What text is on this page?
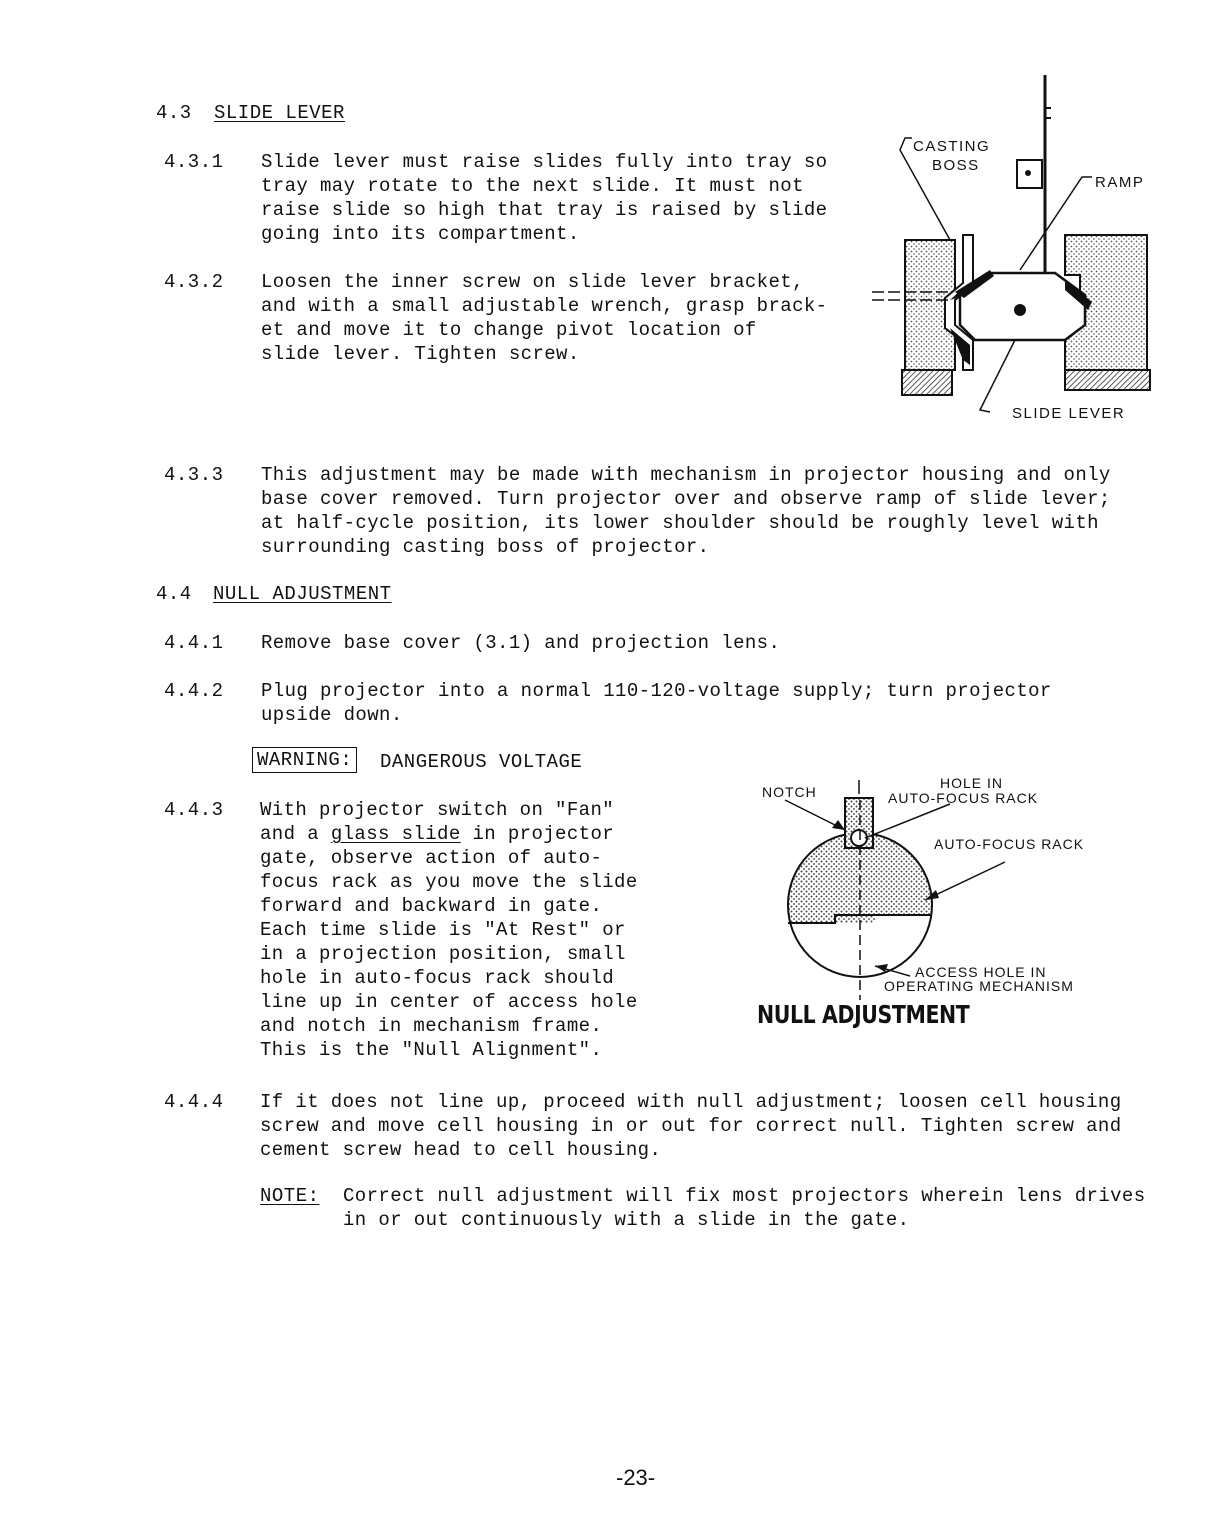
4.3 SLIDE LEVER
4.3.1 Slide lever must raise slides fully into tray so
tray may rotate to the next slide. It must not
raise slide so high that tray is raised by slide
going into its compartment.
4.3.2 Loosen the inner screw on slide lever bracket,
and with a small adjustable wrench, grasp brack-
et and move it to change pivot location of
slide lever. Tighten screw.
CASTING
BOSS
RAMP
SLIDE LEVER
4.3.3 This adjustment may be made with mechanism in projector housing and only
base cover removed. Turn projector over and observe ramp of slide lever;
at half-cycle position, its lower shoulder should be roughly level with
surrounding casting boss of projector.
4.4 NULL ADJUSTMENT
4.4.1 Remove base cover (3.1) and projection lens.
4.4.2 Plug projector into a normal 110-120-voltage supply; turn projector
upside down.
WARNING: DANGEROUS VOLTAGE
4.4.3 With projector switch on "Fan"
and a glass slide in projector
gate, observe action of auto-
focus rack as you move the slide
forward and backward in gate.
Each time slide is "At Rest" or
in a projection position, small
hole in auto-focus rack should
line up in center of access hole
and notch in mechanism frame.
This is the "Null Alignment".
NOTCH
HOLE IN
AUTO-FOCUS RACK
AUTO-FOCUS RACK
ACCESS HOLE IN
OPERATING MECHANISM
NULL ADJUSTMENT
4.4.4 If it does not line up, proceed with null adjustment; loosen cell housing
screw and move cell housing in or out for correct null. Tighten screw and
cement screw head to cell housing.
NOTE: Correct null adjustment will fix most projectors wherein lens drives
in or out continuously with a slide in the gate.
-23-
